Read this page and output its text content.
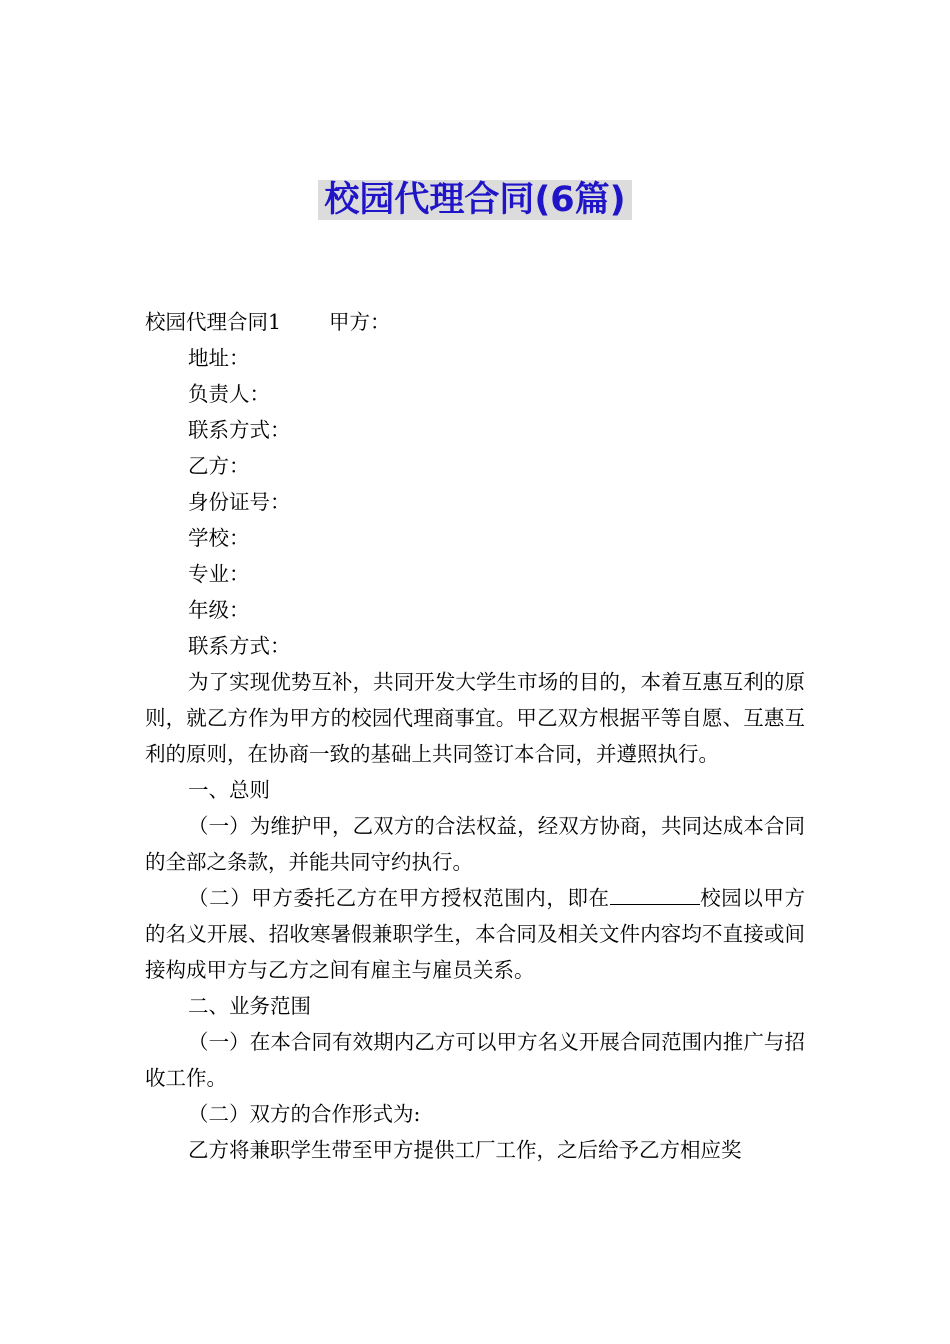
校园代理合同(6篇)

校园代理合同1 甲方：

地址：

负责人：

联系方式：

乙方：

身份证号：

学校：

专业：

年级：

联系方式：

为了实现优势互补，共同开发大学生市场的目的，本着互惠互利的原则，就乙方作为甲方的校园代理商事宜。甲乙双方根据平等自愿、互惠互利的原则，在协商一致的基础上共同签订本合同，并遵照执行。

一、总则

（一）为维护甲，乙双方的合法权益，经双方协商，共同达成本合同的全部之条款，并能共同守约执行。

（二）甲方委托乙方在甲方授权范围内，即在	校园以甲方的名义开展、招收寒暑假兼职学生，本合同及相关文件内容均不直接或间接构成甲方与乙方之间有雇主与雇员关系。

二、业务范围

（一）在本合同有效期内乙方可以甲方名义开展合同范围内推广与招收工作。

（二）双方的合作形式为:

乙方将兼职学生带至甲方提供工厂工作，之后给予乙方相应奖
